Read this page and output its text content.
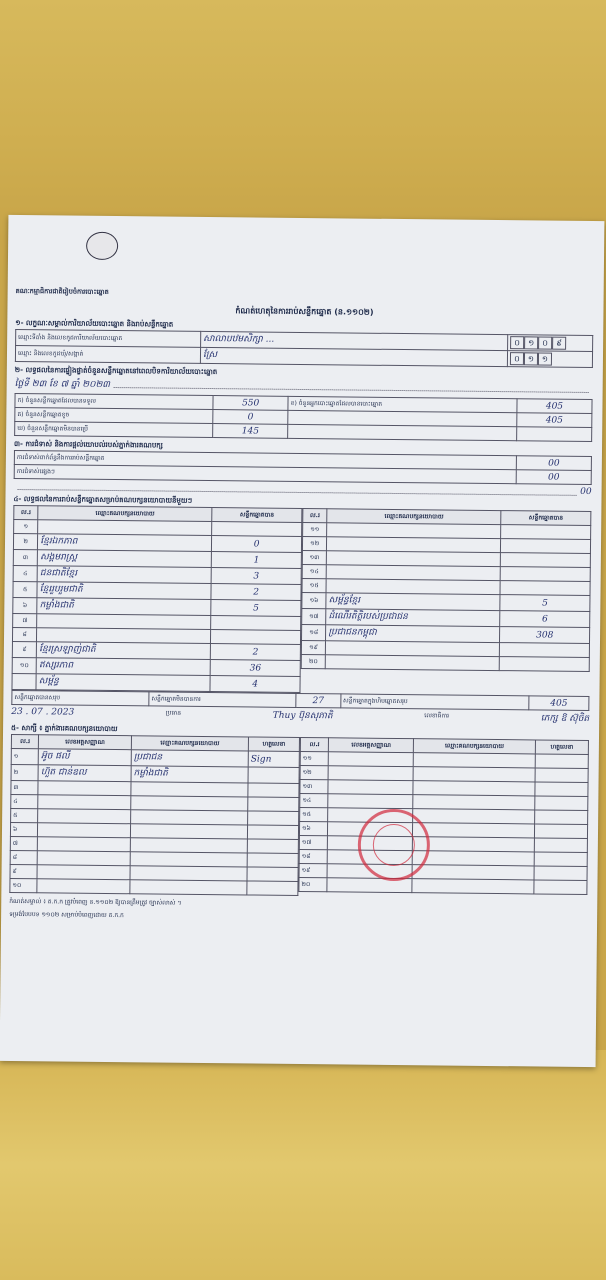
គណៈកម្មាធិការជាតិរៀបចំការបោះឆ្នោត
កំណត់ហេតុនៃការរាប់សន្លឹកឆ្នោត (ន.១១០២)
១- លក្ខណៈសម្គាល់ការិយាល័យបោះឆ្នោត និងរាប់សន្លឹកឆ្នោត
ឈ្មោះទីតាំង និងលេខកូដការិយាល័យបោះឆ្នោត	សាលាបឋមសិក្សា ...	០ ១ ០ ៩

ឈ្មោះ និងលេខកូដឃុំ/សង្កាត់	ស្រែ	០ ១ ១
២- លទ្ធផលនៃការផ្ទៀងផ្ទាត់ចំនួនសន្លឹកឆ្នោតនៅពេលបិទការិយាល័យបោះឆ្នោត
ថ្ងៃទី ២៣ ខែ ៧ ឆ្នាំ ២០២៣
ក) ចំនួនសន្លឹកឆ្នោតដែលបានទទួល	550	ខ) ចំនួនអ្នកបោះឆ្នោតដែលបានបោះឆ្នោត	405
គ) ចំនួនសន្លឹកឆ្នោតខូច	0		405
ឃ) ចំនួនសន្លឹកឆ្នោតមិនបានប្រើ	145		
៣- ការជំទាស់ និងការផ្តល់យោបល់របស់ភ្នាក់ងារគណបក្ស
ការជំទាស់ពាក់ព័ន្ធនឹងការរាប់សន្លឹកឆ្នោត	00
ការជំទាស់ផ្សេងៗ	00
00
៤- លទ្ធផលនៃការរាប់សន្លឹកឆ្នោតសម្រាប់គណបក្សនយោបាយនីមួយៗ
ល.រ	ឈ្មោះគណបក្សនយោបាយ	សន្លឹកឆ្នោតបាន
១		
២	ខ្មែរ​ឯកភាព	0
៣	សង្គមរាស្ត្រ	1
៤	ជនជាតិខ្មែរ	3
៥	ខ្មែររួបរួមជាតិ	2
៦	កម្លាំងជាតិ	5
៧		
៨		
៩	ខ្មែរស្រឡាញ់ជាតិ	2
១០	ឥស្សរភាព	36
	សម្ព័ន្ធ	4
ល.រ	ឈ្មោះគណបក្សនយោបាយ	សន្លឹកឆ្នោតបាន
១១		
១២		
១៣		
១៤		
១៥		
១៦	សម្ព័ន្ធខ្មែរ	5
១៧	ដំណើរតិត្ថិរបស់ប្រជាជន	6
១៨	ប្រជាជនកម្ពុជា	308
១៩		
២០		
សន្លឹកឆ្នោតបានសរុប	សន្លឹកឆ្នោតមិនបានការ	27	សន្លឹកឆ្នោតក្នុងហិបឆ្នោតសរុប	405
23 . 07 . 2023	ប្រធាន	Thuy ប៊ុនសុភាតិ	លេខាធិការ	ភេក្ស ឱ ស៊ុចិត
៥- សាក្សី ៖ ភ្នាក់ងារគណបក្សនយោបាយ
ល.រ	លេខអត្តសញ្ញាណ	ឈ្មោះគណបក្សនយោបាយ	ហត្ថលេខា
១	អ៊ូច ផលី	ប្រជាជន	Sign
២	ហ៊ួត ជាន់ឧល	កម្លាំងជាតិ	
៣			
៤			
៥			
៦			
៧			
៨			
៩			
១០			
ល.រ	លេខអត្តសញ្ញាណ	ឈ្មោះគណបក្សនយោបាយ	ហត្ថលេខា
១១			
១២			
១៣			
១៤			
១៥			
១៦			
១៧			
១៨			
១៩			
២០			
កំណត់សម្គាល់ ៖ ត.ក.ក ត្រូវបំពេញ ន.១១០២ ឱ្យបានត្រឹមត្រូវ ច្បាស់លាស់ ។
ទម្រង់បែបបទ ១១០២ សម្រាប់បំពេញដោយ ត.ក.ក
